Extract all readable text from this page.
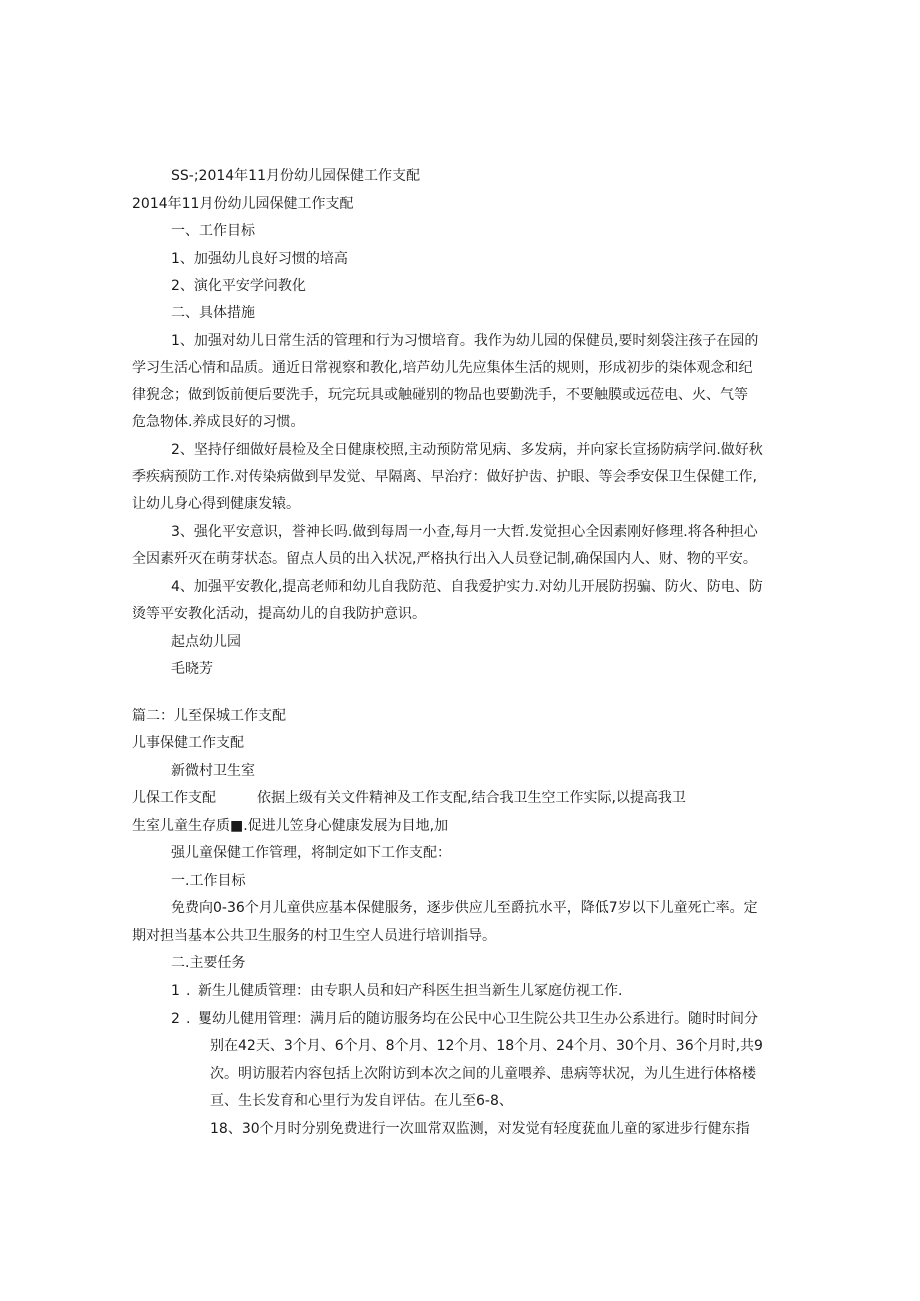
SS-;2014年11月份幼儿园保健工作支配

2014年11月份幼儿园保健工作支配

一、工作目标

1、加强幼儿良好习惯的培高

2、演化平安学问教化

二、具体措施

1、加强对幼儿日常生活的管理和行为习惯培育。我作为幼儿园的保健员,要时刻袋注孩子在园的

学习生活心情和品质。通近日常视察和教化,培芦幼儿先应集体生活的规则，形成初步的柒体观念和纪

律猊念；做到饭前便后要洗手，玩完玩具或触碰别的物品也要勤洗手，不要触膜或远莅电、火、气等

危急物体.养成艮好的习惯。

2、坚持仔细做好晨检及全日健康校照,主动预防常见病、多发病，并向家长宣扬防病学问.做好秋

季疾病预防工作.对传染病做到早发觉、早隔离、早治疗：做好护齿、护眼、等会季安保卫生保健工作,

让幼儿身心得到健康发辕。

3、强化平安意识，誉神长吗.做到每周一小查,每月一大哲.发觉担心全因素刚好修理.将各种担心

全因素歼灭在萌芽状态。留点人员的出入状况,严格执行出入人员登记制,确保国内人、财、物的平安。

4、加强平安教化,提高老师和幼儿自我防范、自我爱护实力.对幼儿开展防拐骗、防火、防电、防

烫等平安教化活动，提高幼儿的自我防护意识。

起点幼儿园

毛晓芳

篇二：儿至保城工作支配

儿事保健工作支配

新微村卫生室

儿保工作支配	依据上级有关文件精神及工作支配,结合我卫生空工作实际,以提高我卫

生室儿童生存质■.促进儿笠身心健康发展为目地,加

强儿童保健工作管理，将制定如下工作支配：

一.工作目标

免费向0-36个月儿童供应基本保健服务，逐步供应儿至爵抗水平，降低7岁以下儿童死亡率。定

期对担当基本公共卫生服务的村卫生空人员进行培训指导。

二.主要任务

1 . 新生儿健质管理：由专职人员和妇产科医生担当新生儿冢庭仿视工作.

2 . 矍幼儿健用管理：满月后的随访服务均在公民中心卫生院公共卫生办公系进行。随时时间分

别在42天、3个月、6个月、8个月、12个月、18个月、24个月、30个月、36个月时,共9

次。明访服若内容包括上次附访到本次之间的儿童喂养、患病等状况，为儿生进行体格楼

亘、生长发育和心里行为发自评估。在儿至6-8、

18、30个月时分别免费进行一次皿常双监测，对发觉有轻度莸血儿童的冢进步行健东指
